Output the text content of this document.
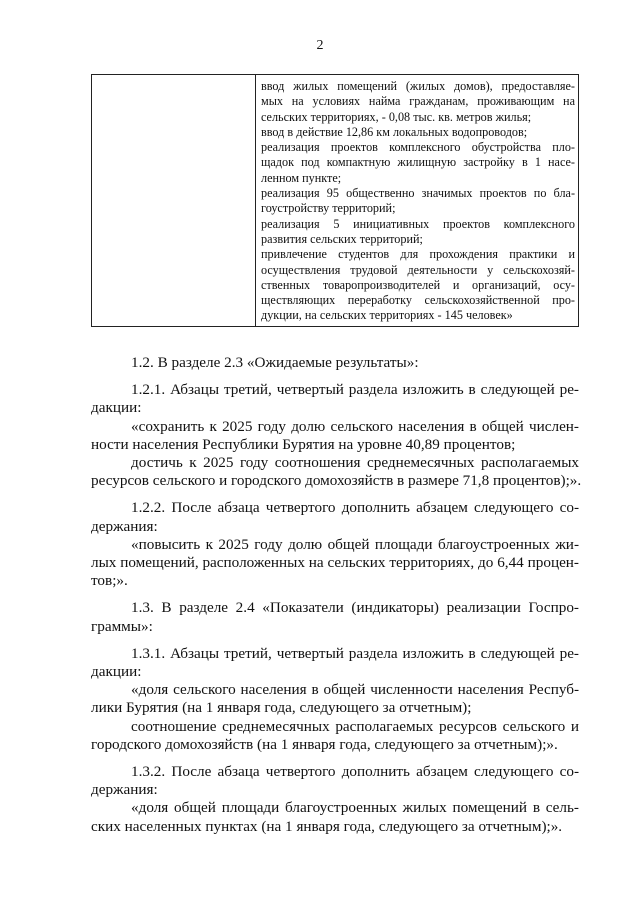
2
ввод жилых помещений (жилых домов), предоставляе-
мых на условиях найма гражданам, проживающим на
сельских территориях, - 0,08 тыс. кв. метров жилья;
ввод в действие 12,86 км локальных водопроводов;
реализация проектов комплексного обустройства пло-
щадок под компактную жилищную застройку в 1 насе-
ленном пункте;
реализация 95 общественно значимых проектов по бла-
гоустройству территорий;
реализация 5 инициативных проектов комплексного
развития сельских территорий;
привлечение студентов для прохождения практики и
осуществления трудовой деятельности у сельскохозяй-
ственных товаропроизводителей и организаций, осу-
ществляющих переработку сельскохозяйственной про-
дукции, на сельских территориях - 145 человек»
1.2. В разделе 2.3 «Ожидаемые результаты»:
1.2.1. Абзацы третий, четвертый раздела изложить в следующей ре-
дакции:
«сохранить к 2025 году долю сельского населения в общей числен-
ности населения Республики Бурятия на уровне 40,89 процентов;
достичь к 2025 году соотношения среднемесячных располагаемых
ресурсов сельского и городского домохозяйств в размере 71,8 процентов);».
1.2.2. После абзаца четвертого дополнить абзацем следующего со-
держания:
«повысить к 2025 году долю общей площади благоустроенных жи-
лых помещений, расположенных на сельских территориях, до 6,44 процен-
тов;».
1.3. В разделе 2.4 «Показатели (индикаторы) реализации Госпро-
граммы»:
1.3.1. Абзацы третий, четвертый раздела изложить в следующей ре-
дакции:
«доля сельского населения в общей численности населения Респуб-
лики Бурятия (на 1 января года, следующего за отчетным);
соотношение среднемесячных располагаемых ресурсов сельского и
городского домохозяйств (на 1 января года, следующего за отчетным);».
1.3.2. После абзаца четвертого дополнить абзацем следующего со-
держания:
«доля общей площади благоустроенных жилых помещений в сель-
ских населенных пунктах (на 1 января года, следующего за отчетным);».
